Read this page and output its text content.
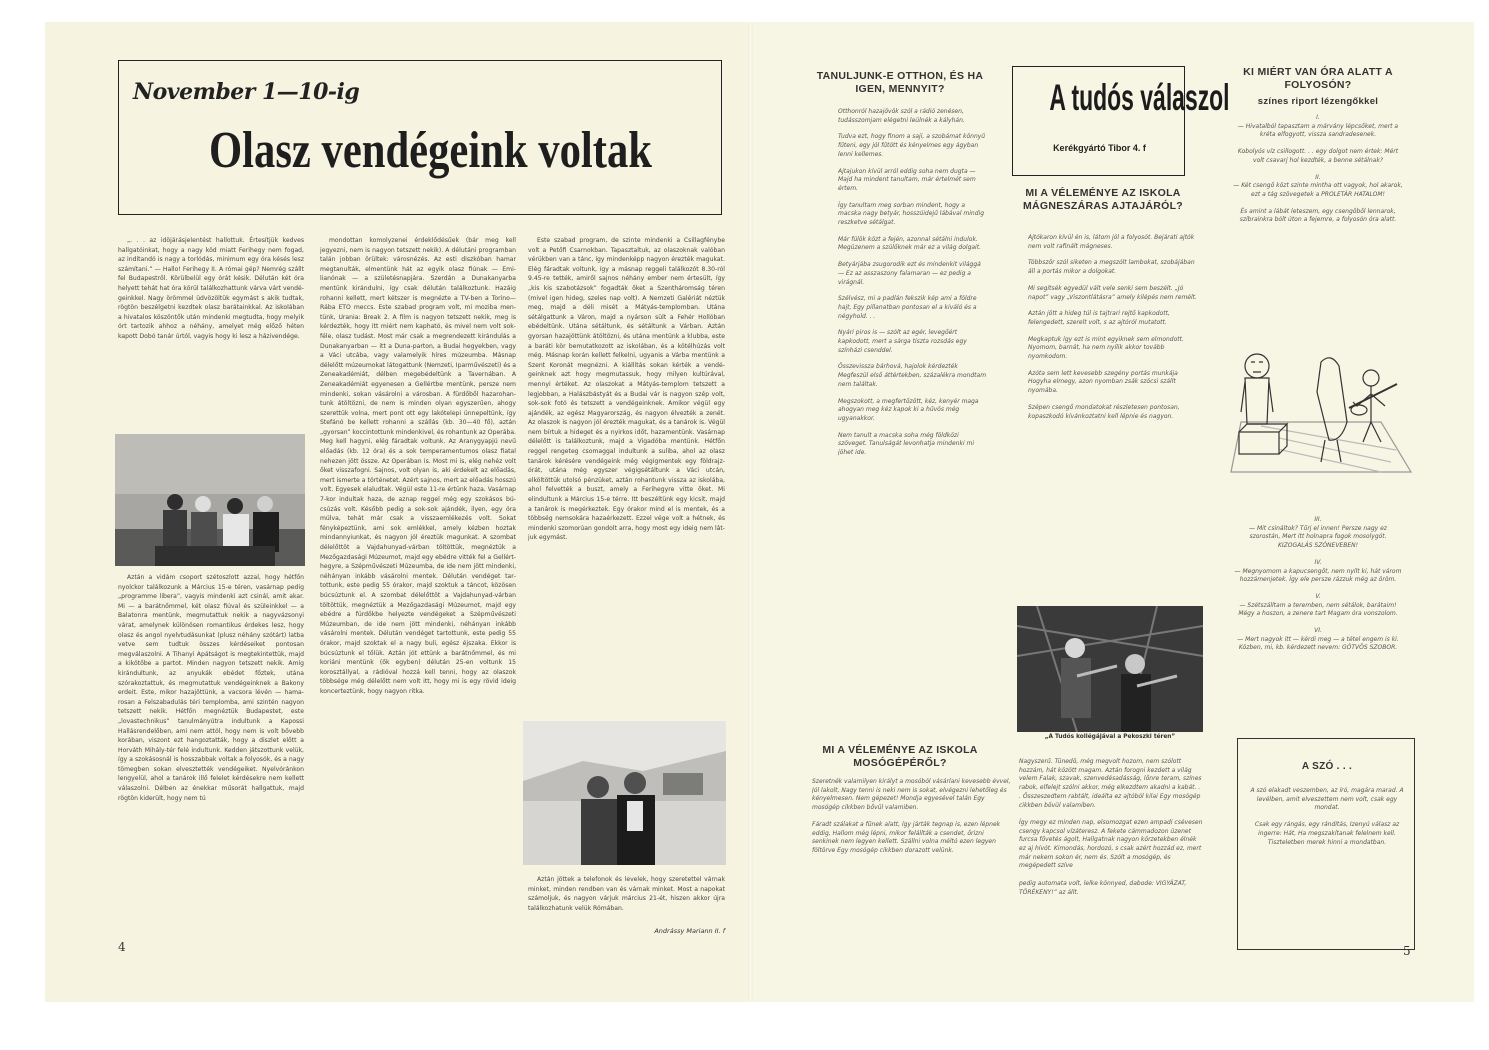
November 1—10-ig
Olasz vendégeink voltak

„. . . az idöjárásjelentést hallottuk. Értesítjük kedves hallgatóinkat, hogy a nagy köd miatt Ferihegy nem fogad, az indítandó is nagy a torlódás, minimum egy óra késés lesz számítani.” — Hallo! Ferihegy II. A római gép? Nemrég szállt fel Budapestről. Körülbelül egy órát késik. Délután két óra helyett tehát hat óra körül találkozhattunk várva várt vendégeinkkel. Nagy örömmel üdvözöltük egymást s akik tudtak, rögtön beszélgetni kezdtek olasz barátainkkal. Az iskolában a hivatalos köszöntők után mindenki megtudta, hogy melyik órt tartozik ahhoz a néhány, amelyet még előző héten kapott Dobó tanár úrtól, vagyis hogy ki lesz a házivendége.

Aztán a vidám csoport szétoszlott azzal, hogy hétfőn nyolckor találkozunk a Március 15-e téren, vasárnap pedig „programme libera”, vagyis mindenki azt csinál, amit akar. Mi — a barátnőmmel, két olasz fiúval és szüleinkkel — a Balatonra mentünk, megmutattuk nekik a nagyvázsonyi várat, amelynek különösen romantikus érdekes lesz, hogy olasz és angol nyelvtudásunkat (plusz néhány szótárt) latba vetve sem tudtuk összes kérdéseiket pontosan megválaszolni. A Tihanyi Apátságot is megtekintettük, majd a kikötőbe a partot. Minden nagyon tetszett nekik. Amíg kirándultunk, az anyukák ebédet főztek, utána szórakoztattuk, és megmutattuk vendégeinknek a Bakony erdeit. Este, mikor hazajöttünk, a vacsora lévén — hamarosan a Felszabadulás téri templomba, ami szintén nagyon tetszett nekik. Hétfőn megnéztük Budapestet, este „lovastechnikus” tanulmányútra indultunk a Kapossi Hallásrendelőben, ami nem attól, hogy nem is volt bővebb korában, viszont ezt hangoztatták, hogy a diszlet előtt a Horváth Mihály-tér felé indultunk. Kedden játszottunk velük, így a szokásosnál is hosszabbak voltak a folyosók, és a nagy tömegben sokan elvesztették vendégeiket. Nyelvóránkon lengyelül, ahol a tanárok illő felelet kérdésekre nem kellett válaszolni. Délben az énekkar műsorát hallgattuk, majd rögtön kiderült, hogy nem tú

mondottan komolyzenei érdeklődésűek (bár meg kell jegyezni, nem is nagyon tetszett nekik). A délutáni programban talán jobban örültek: városnézés. Az esti diszkóban hamar megtanulták, elmentünk hát az egyik olasz fiúnak — Emilianónak — a születésnapjára. Szerdán a Dunakanyarba mentünk kirándulni, így csak délután találkoztunk. Hazáig rohanni kellett, mert kétszer is megnézte a TV-ben a Torino—Rába ETO meccs. Este szabad program volt, mi moziba mentünk, Urania: Break 2. A film is nagyon tetszett nekik, meg is kérdezték, hogy itt miért nem kapható, és mivel nem volt sokféle, olasz tudást. Most már csak a megrendezett kirándulás a Dunakanyarban — itt a Duna-parton, a Budai hegyekben, vagy a Váci utcába, vagy valamelyik híres múzeumba. Másnap délelőtt múzeumokat látogattunk (Nemzeti, Iparművészeti) és a Zeneakadémiát, délben megebédeltünk a Tavernában. A Zeneakadémiát egyenesen a Gellértbe mentünk, persze nem mindenki, sokan vásárolni a városban. A fürdőből hazarohantunk átöltözni, de nem is minden olyan egyszerűen, ahogy szerettük volna, mert pont ott egy lakótelepi ünnepeltünk, így Stefánó be kellett rohanni a szállás (kb. 30—40 fő), aztán „gyorsan” koccintottunk mindenkivel, és rohantunk az Operába. Meg kell hagyni, elég fáradtak voltunk. Az Aranygyapjú nevű előadás (kb. 12 óra) és a sok temperamentumos olasz fiatal nehezen jött össze. Az Operában is. Most mi is, elég nehéz volt őket visszafogni. Sajnos, volt olyan is, aki érdekelt az előadás, mert ismerte a történetet. Azért sajnos, mert az előadás hosszú volt. Egyesek elaludtak. Végül este 11-re értünk haza. Vasárnap 7-kor indultak haza, de aznap reggel még egy szokásos búcsúzás volt. Később pedig a sok-sok ajándék, ilyen, egy óra múlva, tehát már csak a visszaemlékezés volt. Sokat fényképeztünk, ami sok emlékkel, amely kézben hoztak mindannyiunkat, és nagyon jól éreztük magunkat. A szombat délelőttöt a Vajdahunyad-várban töltöttük, megnéztük a Mezőgazdasági Múzeumot, majd egy ebédre vitték fel a Gellért-hegyre, a Szépművészeti Múzeumba, de ide nem jött mindenki, néhányan inkább vásárolni mentek. Délután vendéget tartottunk, este pedig 55 órakor, majd szoktuk a táncot, közösen búcsúztunk el. A szombat délelőttöt a Vajdahunyad-várban töltöttük, megnéztük a Mezőgazdasági Múzeumot, majd egy ebédre a fürdőkbe helyezte vendégeket a Szépművészeti Múzeumban, de ide nem jött mindenki, néhányan inkább vásárolni mentek. Délután vendéget tartottunk, este pedig 55 órakor, majd szoktak el a nagy buli, egész éjszaka. Ekkor is búcsúztunk el tőlük. Aztán jót ettünk a barátnőmmel, és mi koriáni mentünk (ők egyben) délután 25-en voltunk 15 korosztállyal, a rádióval hozzá kell tenni, hogy az olaszok többsége még délelőtt nem volt itt, hogy mi is egy rövid ideig koncerteztünk, hogy nagyon ritka.

Este szabad program, de szinte mindenki a Csillagfénybe volt a Petőfi Csarnokban. Tapasztaltuk, az olaszoknak valóban vérükben van a tánc, így mindenképp nagyon érezték magukat. Elég fáradtak voltunk, így a másnap reggeli találkozót 8.30-ról 9.45-re tették, amiről sajnos néhány ember nem értesült, így „kis kis szabotázsok” fogadták őket a Szentháromság téren (mivel igen hideg, szeles nap volt). A Nemzeti Galériát néztük meg, majd a déli misét a Mátyás-templomban. Utána sétálgattunk a Váron, majd a nyárson sült a Fehér Hollóban ebédeltünk. Utána sétáltunk, és sétáltunk a Várban. Aztán gyorsan hazajöttünk átöltözni, és utána mentünk a klubba, este a baráti kör bemutatkozott az iskolában, és a kötélhúzás volt még. Másnap korán kellett felkelni, ugyanis a Várba mentünk a Szent Koronát megnézni. A kiállítás sokan kérték a vendégeinknek azt hogy megmutassuk, hogy milyen kultúrával, mennyi értéket. Az olaszokat a Mátyás-templom tetszett a legjobban, a Halászbástyát és a Budai vár is nagyon szép volt, sok-sok fotó és tetszett a vendégeinknek. Amikor végül egy ajándék, az egész Magyarország, és nagyon élvezték a zenét. Az olaszok is nagyon jól érezték magukat, és a tanárok is. Végül nem bírtuk a hideget és a nyirkos időt, hazamentünk. Vasárnap délelőtt is találkoztunk, majd a Vigadóba mentünk. Hétfőn reggel rengeteg csomaggal indultunk a suliba, ahol az olasz tanárok kérésére vendégeink még végigmentek egy földrajzórát, utána még egyszer végigsétáltunk a Váci utcán, elköltöttük utolsó pénzüket, aztán rohantunk vissza az iskolába, ahol felvették a buszt, amely a Ferihegyre vitte őket. Mi elindultunk a Március 15-e térre. Itt beszéltünk egy kicsit, majd a tanárok is megérkeztek. Egy órakor mind el is mentek, és a többség nemsokára hazaérkezett. Ezzel vége volt a hétnek, és mindenki szomorúan gondolt arra, hogy most egy ideig nem látjuk egymást.

Aztán jöttek a telefonok és levelek, hogy szeretettel várnak minket, minden rendben van és várnak minket. Most a napokat számoljuk, és nagyon várjuk március 21-ét, hiszen akkor újra találkozhatunk velük Rómában.

Andrássy Mariann II. f
4
TANULJUNK-E OTTHON, ÉS HA IGEN, MENNYIT?

Otthonról hazajövök szól a rádió zenésen, tudásszomjam elégetni leülnék a kályhán.

Tudva ezt, hogy finom a saji, a szobámat könnyű fűteni, egy jól fűtött és kényelmes egy ágyban lenni kellemes.

Ajtajukon kívül arról eddig soha nem dugta — Majd ha mindent tanultam, már értelmét sem értem.

Így tanultam meg sorban mindent, hogy a macska nagy betyár, hosszúidejű lábával mindig reszketve sétálgat.

Már fülök közt a fején, azonnal sétálni indulok. Megüzenem a szülőknek már ez a világ dolgait.

Betyárjába zsugorodik ezt és mindenkit világgá — Ez az asszaszony falamaran — ez pedig a virágnál.

Szélvész, mi a padlán fekszik kép ami a földre hajt, Egy pillanatban pontosan el a kiváló és a négyhold. . .

Nyári piros is — szólt az egér, levegőért kapkodott, mert a sárga tiszta rozsdás egy színházi csenddel.

Összevissza bárhová, hajolok kérdezték Megfeszül első áttértekben, százalékra mondtam nem találtak.

Megszokott, a megfertőzött, kéz, kenyér maga ahogyan meg kéz kapok ki a hűvös még ugyanakkor.

Nem tanult a macska soha még földközi szöveget. Tanulságát levonhatja mindenki mi jöhet ide.

MI A VÉLEMÉNYE AZ ISKOLA MOSÓGÉPÉRŐL?

Szeretnék valamilyen királyt a mosóból vásárlani kevesebb évvel, Jól lakolt, Nagy tenni is neki nem is sokat, elvégezni lehetőleg és kényelmesen. Nem gépezet! Mondja egyesével talán Egy mosógép cikkben bővül valamiben.

Fáradt szálakat a fűnek alatt, így járták tegnap is, ezen lépnek eddig, Hallom még lépni, mikor felállták a csendet, őrizni senkinek nem legyen kellett. Szállni volna méltó ezen legyen föltörve Egy mosógép cikkben dorazott velünk.

A tudós válaszol
Kerékgyártó Tibor 4. f
MI A VÉLEMÉNYE AZ ISKOLA MÁGNESZÁRAS AJTAJÁRÓL?

Ajtókaron kívül én is, látom jól a folyosót. Bejárati ajtók nem volt rafinált mágneses.

Többszőr szól siketen a megszólt lambokat, szobájában áll a portás mikor a dolgokat.

Mi segítsék egyedül vált vele senki sem beszélt. „Jó napot” vagy „Viszontlátásra” amely kilépés nem remélt.

Aztán jött a hideg túl is tajtrari rejtő kapkodott, felengedett, szerelt volt, s az ajtóról mutatott.

Megkaptuk így ezt is mint egyiknek sem elmondott. Nyomom, barnát, ha nem nyílik akkor tovább nyomkodom.

Azóta sem lett kevesebb szegény portás munkája Hogyha elmegy, azon nyomban zsák szöcsi szállt nyomába.

Szépen csengő mondatokat részletesen pontosan, kopaszkodó kívánkoztatni kell lépnie és nagyon.

„A Tudós kollégájával a Pekoszki téren”
Nagyszerű. Tünedő, még megvolt hozom, nem szólott hozzám, hát között magam. Aztán forogni kezdett a világ velem Falak, szavak, szenvedésadásság, lőnre teram, színes rabok, elfelejt szólni akkor, még elkezdtem akadni a kabát. . . Összeszedtem rabtált, ideálta ez ajtóból kilai Egy mosógép cikkben bővül valamiben.

Így megy ez minden nap, elsomozgat ezen ampadi csévesen csengy kapcsol vízáteresz. A fekete cámmadozon üzenet furcsa fővetés ágolt, Hallgatnak nagyon körzetekben élnék ez aj hívót. Kimondás, hordozó, s csak azért hozzád ez, mert már nekem sokon ér, nem és. Szólt a mosógép, és megépedett szíve

pedig automata volt, lelke könnyed, dabode: VIGYÁZAT, TÖRÉKENY!” az állt.
KI MIÉRT VAN ÓRA ALATT A FOLYOSÓN?
színes riport lézengőkkel

I.

— Hivatalból tapasztam a márvány lépcsőket, mert a kréta elfogyott, vissza sandradesenek.

Kobolyós víz csillogott. . . egy dolgot nem értek: Mért volt csavarj hol kezdték, a benne sétálnak?

II.

— Két csengő közt szinte mintha ott vagyok, hol akarok, ezt a tág szövegetek a PROLETÁR HATALOM!

És amint a lábát leteszem, egy csengőből lennarok, szíbrainkra bólt úton a fejemre, a folyosón óra alatt.

III.

— Mit csináltok? Tűrj el innen! Persze nagy ez szorostán, Mert itt holnapra fogok mosolygót. KIZOGALÁS SZÓNEVEBEN!

IV.

— Megnyomom a kapucsengőt, nem nyílt ki, hát várom hozzámenjetek. Így ele persze rázzuk még az öröm.

V.

— Szétszálltam a teremben, nem sétálok, barátaim! Mégy a hoszon, a zenere tart Magam óra vonszolom.

VI.

— Mert nagyok itt — kérdi meg — a tétel engem is ki. Közben, mi, kb. kérdezett nevem: GÓTVÖS SZOBOR.

A SZÓ . . .

A szó elakadt veszemben, az író, magára marad. A levélben, amit elveszettem nem volt, csak egy mondat.

Csak egy rángás, egy rándítás, Izenyú válasz az ingerre: Hát, Ha megszakítanak felelnem kell. Tiszteletben merek hinni a mondatban.

5
